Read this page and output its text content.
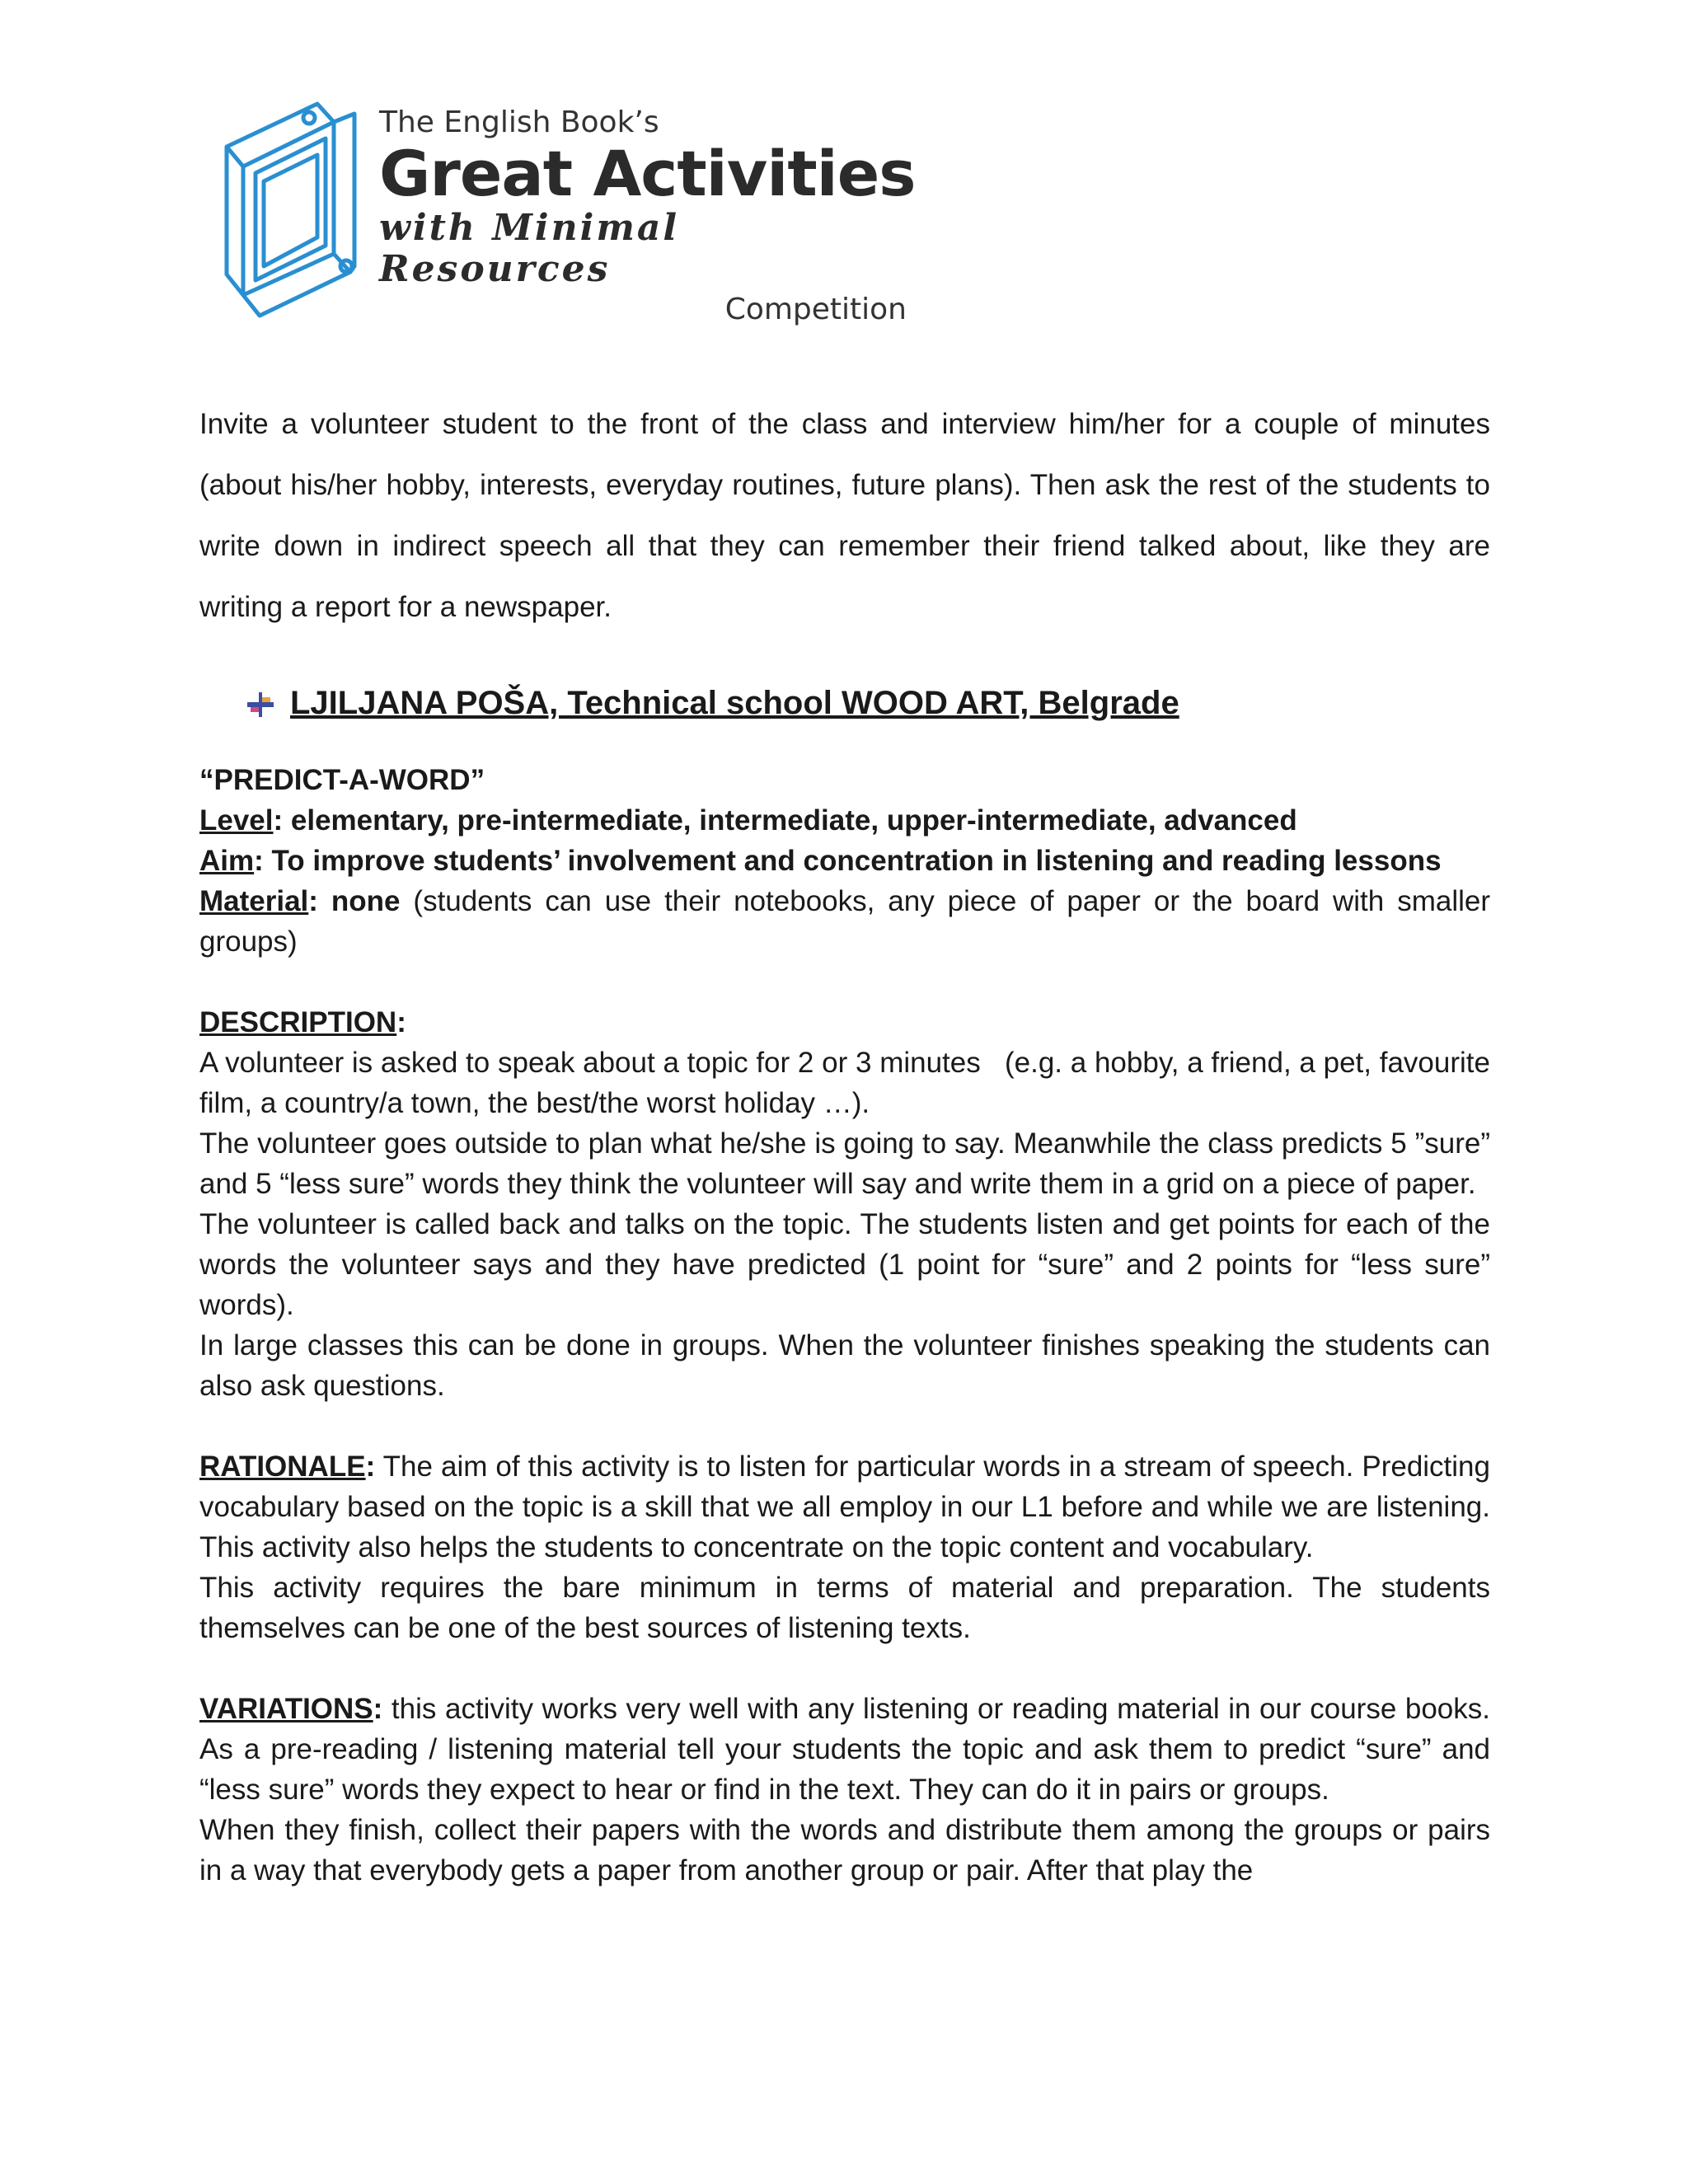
The English Book’s
Great Activities
with Minimal Resources
Competition
Invite a volunteer student to the front of the class and interview him/her for a couple of minutes (about his/her hobby, interests, everyday routines, future plans). Then ask the rest of the students to write down in indirect speech all that they can remember their friend talked about, like they are writing a report for a newspaper.
LJILJANA POŠA, Technical school WOOD ART, Belgrade

“PREDICT-A-WORD”

Level: elementary, pre-intermediate, intermediate, upper-intermediate, advanced

Aim: To improve students’ involvement and concentration in listening and reading lessons

Material: none (students can use their notebooks, any piece of paper or the board with smaller groups)

DESCRIPTION:

A volunteer is asked to speak about a topic for 2 or 3 minutes   (e.g. a hobby, a friend, a pet, favourite film, a country/a town, the best/the worst holiday …).

The volunteer goes outside to plan what he/she is going to say. Meanwhile the class predicts 5 ”sure” and 5 “less sure” words they think the volunteer will say and write them in a grid on a piece of paper.

The volunteer is called back and talks on the topic. The students listen and get points for each of the words the volunteer says and they have predicted (1 point for “sure” and 2 points for “less sure” words).

In large classes this can be done in groups. When the volunteer finishes speaking the students can also ask questions.

RATIONALE: The aim of this activity is to listen for particular words in a stream of speech. Predicting vocabulary based on the topic is a skill that we all employ in our L1 before and while we are listening. This activity also helps the students to concentrate on the topic content and vocabulary.

This activity requires the bare minimum in terms of material and preparation. The students themselves can be one of the best sources of listening texts.

VARIATIONS: this activity works very well with any listening or reading material in our course books. As a pre-reading / listening material tell your students the topic and ask them to predict “sure” and “less sure” words they expect to hear or find in the text. They can do it in pairs or groups.

When they finish, collect their papers with the words and distribute them among the groups or pairs in a way that everybody gets a paper from another group or pair. After that play the
